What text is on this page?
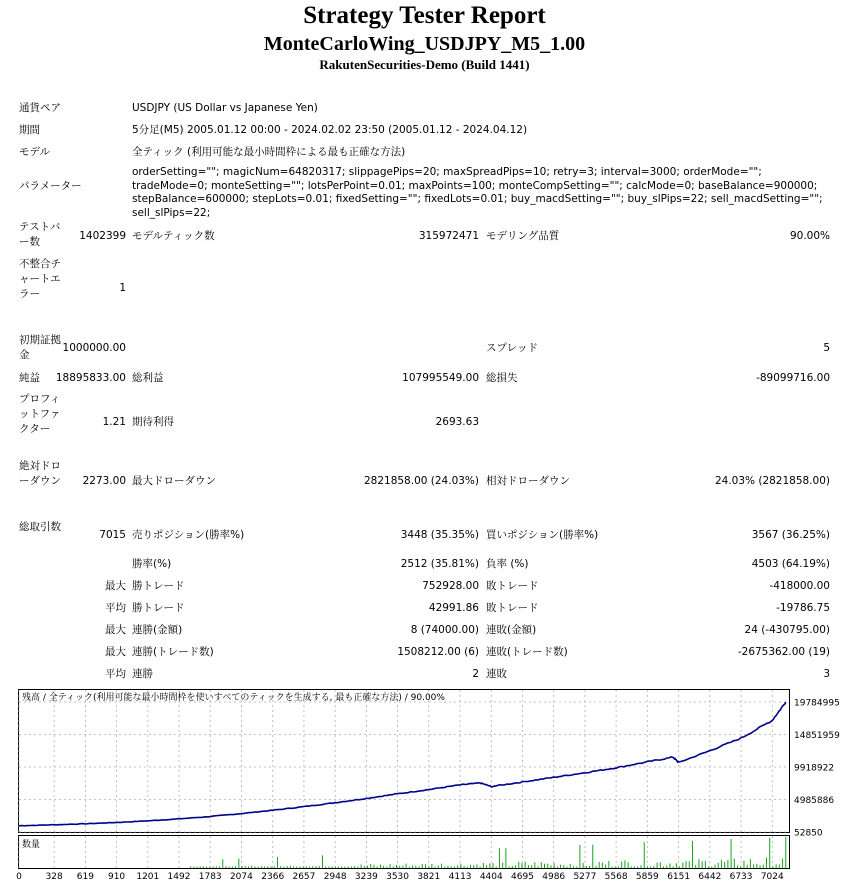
Strategy Tester Report
MonteCarloWing_USDJPY_M5_1.00
RakutenSecurities-Demo (Build 1441)
通貨ペア	USDJPY (US Dollar vs Japanese Yen)
期間	5分足(M5) 2005.01.12 00:00 - 2024.02.02 23:50 (2005.01.12 - 2024.04.12)
モデル	全ティック (利用可能な最小時間枠による最も正確な方法)
パラメーター
orderSetting=""; magicNum=64820317; slippagePips=20; maxSpreadPips=10; retry=3; interval=3000; orderMode=""; tradeMode=0; monteSetting=""; lotsPerPoint=0.01; maxPoints=100; monteCompSetting=""; calcMode=0; baseBalance=900000; stepBalance=600000; stepLots=0.01; fixedSetting=""; fixedLots=0.01; buy_macdSetting=""; buy_slPips=22; sell_macdSetting=""; sell_slPips=22;
テストバー数	1402399 モデルティック数	315972471 モデリング品質	90.00%
不整合チャートエラー	1
初期証拠金
1000000.00	スプレッド	5
純益	18895833.00 総利益	107995549.00 総損失	-89099716.00
プロフィットファクター
1.21 期待利得	2693.63
絶対ドローダウン	2273.00 最大ドローダウン	2821858.00 (24.03%) 相対ドローダウン	24.03% (2821858.00)
総取引数
7015 売りポジション(勝率%)	3448 (35.35%) 買いポジション(勝率%)	3567 (36.25%)
勝率(%)	2512 (35.81%) 負率 (%)	4503 (64.19%)
最大 勝トレード	752928.00 敗トレード	-418000.00
平均 勝トレード	42991.86 敗トレード	-19786.75
最大 連勝(金額)	8 (74000.00) 連敗(金額)	24 (-430795.00)
最大 連勝(トレード数)	1508212.00 (6) 連敗(トレード数)	-2675362.00 (19)
平均 連勝	2 連敗	3
残高 / 全ティック(利用可能な最小時間枠を使いすべてのティックを生成する, 最も正確な方法) / 90.00%
数量
19784995
14851959
9918922
4985886
52850
0	328 619 910 1201 1492 1783 2074 2366 2657 2948 3239 3530 3821 4113 4404 4695 4986 5277 5568 5859 6151 6442 6733 7024
